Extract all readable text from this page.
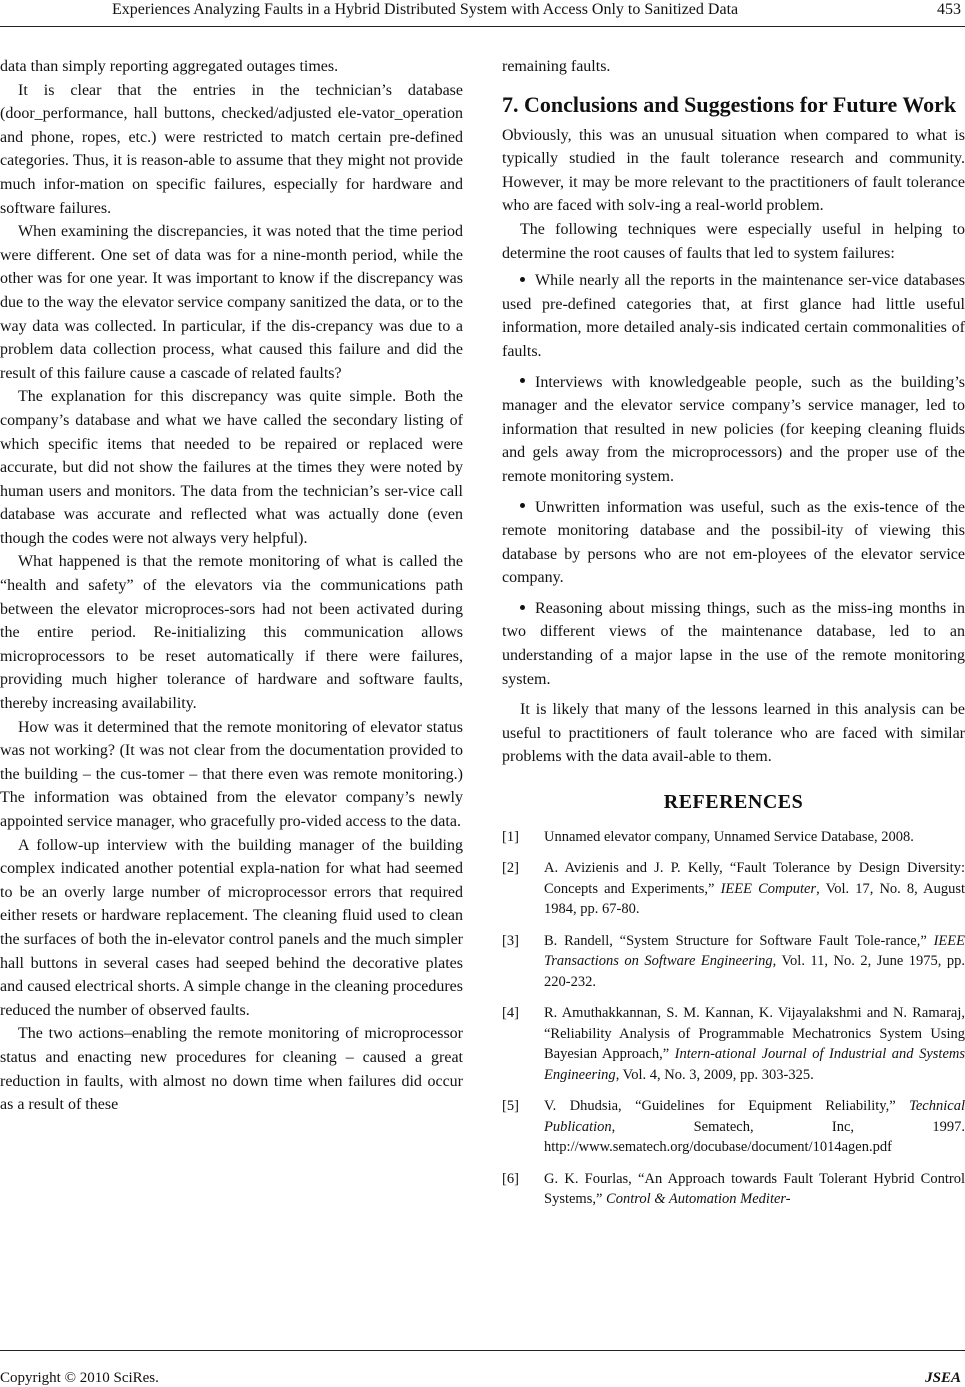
Experiences Analyzing Faults in a Hybrid Distributed System with Access Only to Sanitized Data	453

data than simply reporting aggregated outages times.

It is clear that the entries in the technician’s database (door_performance, hall buttons, checked/adjusted ele-vator_operation and phone, ropes, etc.) were restricted to match certain pre-defined categories. Thus, it is reason-able to assume that they might not provide much infor-mation on specific failures, especially for hardware and software failures.

When examining the discrepancies, it was noted that the time period were different. One set of data was for a nine-month period, while the other was for one year. It was important to know if the discrepancy was due to the way the elevator service company sanitized the data, or to the way data was collected. In particular, if the dis-crepancy was due to a problem data collection process, what caused this failure and did the result of this failure cause a cascade of related faults?

The explanation for this discrepancy was quite simple. Both the company’s database and what we have called the secondary listing of which specific items that needed to be repaired or replaced were accurate, but did not show the failures at the times they were noted by human users and monitors. The data from the technician’s ser-vice call database was accurate and reflected what was actually done (even though the codes were not always very helpful).

What happened is that the remote monitoring of what is called the “health and safety” of the elevators via the communications path between the elevator microproces-sors had not been activated during the entire period. Re-initializing this communication allows microprocessors to be reset automatically if there were failures, providing much higher tolerance of hardware and software faults, thereby increasing availability.

How was it determined that the remote monitoring of elevator status was not working? (It was not clear from the documentation provided to the building – the cus-tomer – that there even was remote monitoring.) The information was obtained from the elevator company’s newly appointed service manager, who gracefully pro-vided access to the data.

A follow-up interview with the building manager of the building complex indicated another potential expla-nation for what had seemed to be an overly large number of microprocessor errors that required either resets or hardware replacement. The cleaning fluid used to clean the surfaces of both the in-elevator control panels and the much simpler hall buttons in several cases had seeped behind the decorative plates and caused electrical shorts. A simple change in the cleaning procedures reduced the number of observed faults.

The two actions–enabling the remote monitoring of microprocessor status and enacting new procedures for cleaning – caused a great reduction in faults, with almost no down time when failures did occur as a result of these

remaining faults.

7. Conclusions and Suggestions for Future Work

Obviously, this was an unusual situation when compared to what is typically studied in the fault tolerance research and community. However, it may be more relevant to the practitioners of fault tolerance who are faced with solv-ing a real-world problem.

The following techniques were especially useful in helping to determine the root causes of faults that led to system failures:

While nearly all the reports in the maintenance ser-vice databases used pre-defined categories that, at first glance had little useful information, more detailed analy-sis indicated certain commonalities of faults.
Interviews with knowledgeable people, such as the building’s manager and the elevator service company’s service manager, led to information that resulted in new policies (for keeping cleaning fluids and gels away from the microprocessors) and the proper use of the remote monitoring system.
Unwritten information was useful, such as the exis-tence of the remote monitoring database and the possibil-ity of viewing this database by persons who are not em-ployees of the elevator service company.
Reasoning about missing things, such as the miss-ing months in two different views of the maintenance database, led to an understanding of a major lapse in the use of the remote monitoring system.

It is likely that many of the lessons learned in this analysis can be useful to practitioners of fault tolerance who are faced with similar problems with the data avail-able to them.

REFERENCES
[1] Unnamed elevator company, Unnamed Service Database, 2008.
[2] A. Avizienis and J. P. Kelly, “Fault Tolerance by Design Diversity: Concepts and Experiments,” IEEE Computer, Vol. 17, No. 8, August 1984, pp. 67-80.
[3] B. Randell, “System Structure for Software Fault Tole-rance,” IEEE Transactions on Software Engineering, Vol. 11, No. 2, June 1975, pp. 220-232.
[4] R. Amuthakkannan, S. M. Kannan, K. Vijayalakshmi and N. Ramaraj, “Reliability Analysis of Programmable Mechatronics System Using Bayesian Approach,” Intern-ational Journal of Industrial and Systems Engineering, Vol. 4, No. 3, 2009, pp. 303-325.
[5] V. Dhudsia, “Guidelines for Equipment Reliability,” Technical Publication, Sematech, Inc, 1997. http://www.sematech.org/docubase/document/1014agen.pdf
[6] G. K. Fourlas, “An Approach towards Fault Tolerant Hybrid Control Systems,” Control & Automation Mediter-
Copyright © 2010 SciRes.	JSEA
